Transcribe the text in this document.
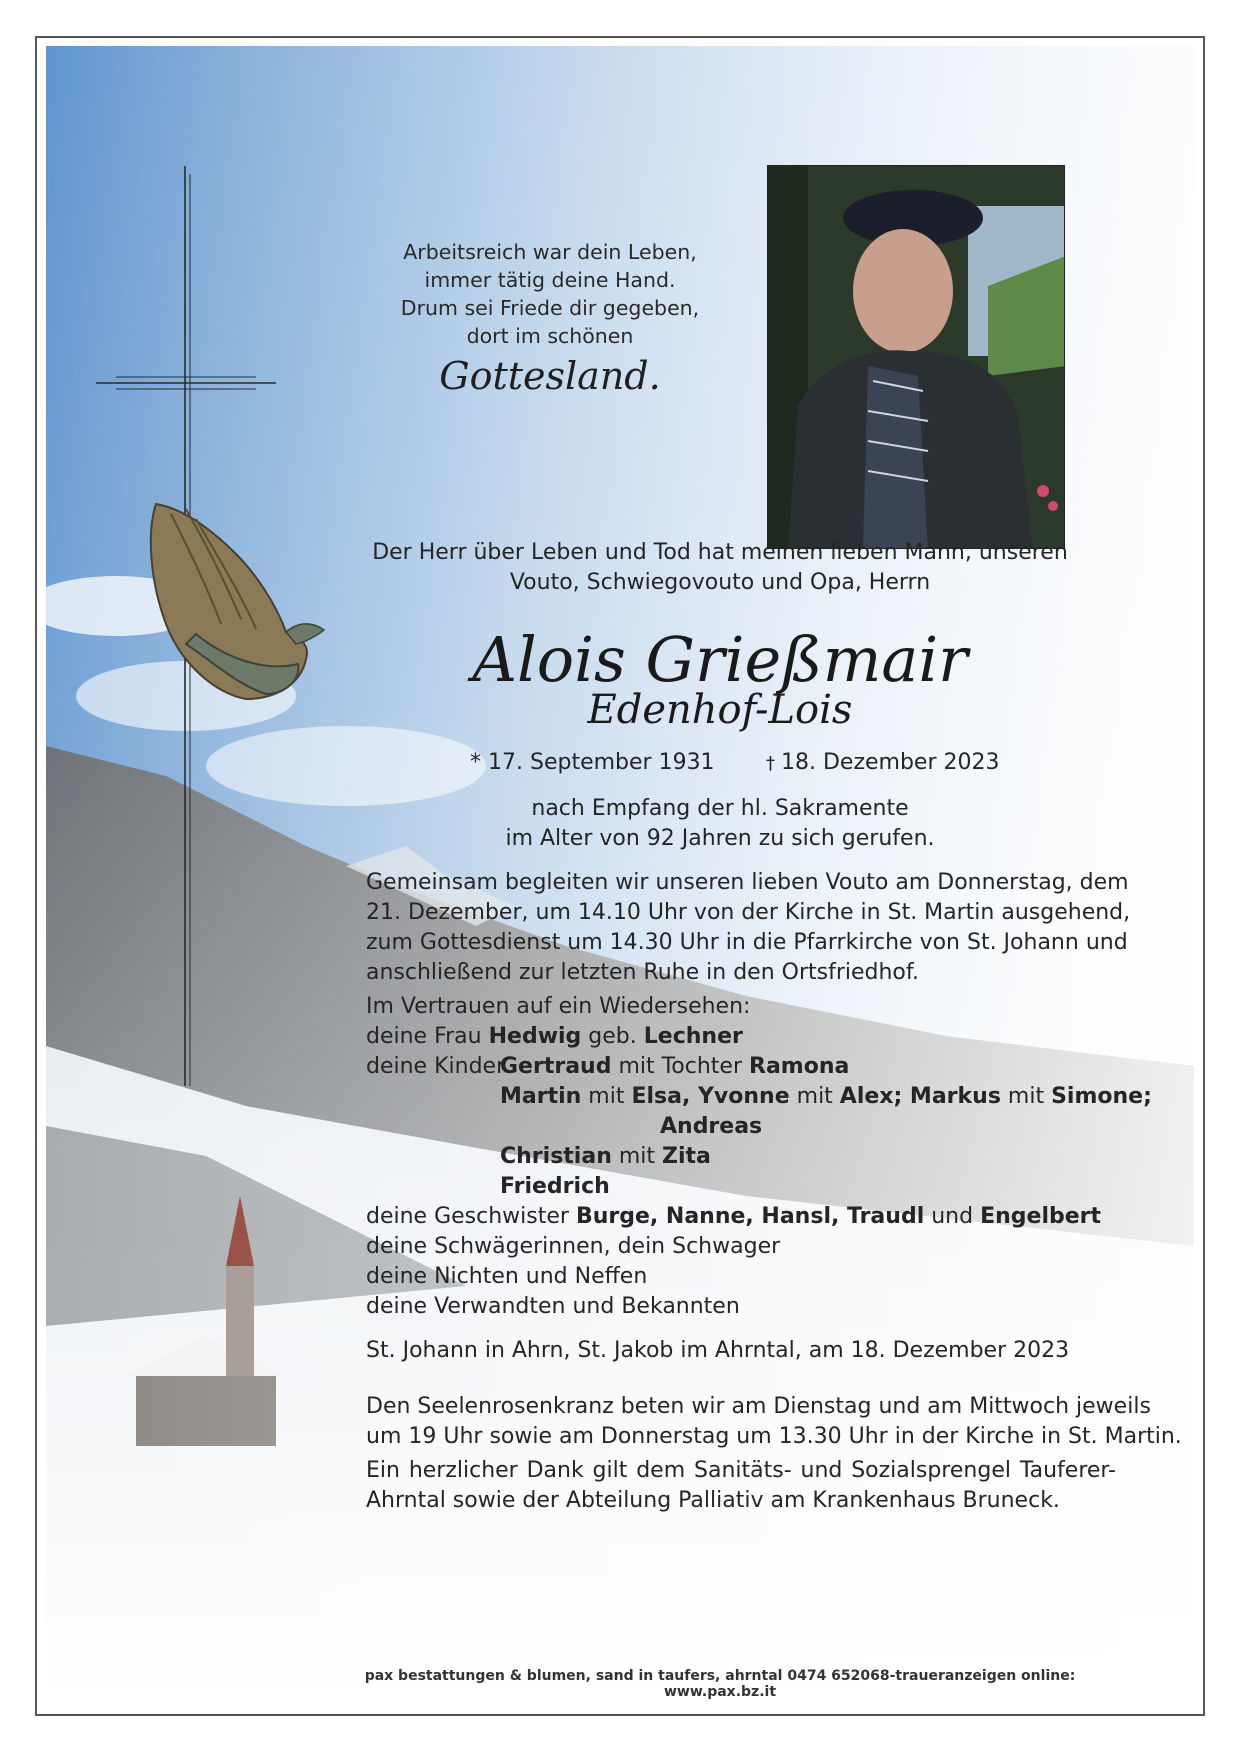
Arbeitsreich war dein Leben,
immer tätig deine Hand.
Drum sei Friede dir gegeben,
dort im schönen
Gottesland.
Der Herr über Leben und Tod hat meinen lieben Mann, unseren
Vouto, Schwiegovouto und Opa, Herrn
Alois Grießmair
Edenhof-Lois
* 17. September 1931	† 18. Dezember 2023
nach Empfang der hl. Sakramente
im Alter von 92 Jahren zu sich gerufen.
Gemeinsam begleiten wir unseren lieben Vouto am Donnerstag, dem
21. Dezember, um 14.10 Uhr von der Kirche in St. Martin ausgehend,
zum Gottesdienst um 14.30 Uhr in die Pfarrkirche von St. Johann und
anschließend zur letzten Ruhe in den Ortsfriedhof.
Im Vertrauen auf ein Wiedersehen:
deine Frau Hedwig geb. Lechner
deine KinderGertraud mit Tochter Ramona
Martin mit Elsa, Yvonne mit Alex; Markus mit Simone;
Andreas
Christian mit Zita
Friedrich
deine Geschwister Burge, Nanne, Hansl, Traudl und Engelbert
deine Schwägerinnen, dein Schwager
deine Nichten und Neffen
deine Verwandten und Bekannten
St. Johann in Ahrn, St. Jakob im Ahrntal, am 18. Dezember 2023
Den Seelenrosenkranz beten wir am Dienstag und am Mittwoch jeweils
um 19 Uhr sowie am Donnerstag um 13.30 Uhr in der Kirche in St. Martin.
Ein herzlicher Dank gilt dem Sanitäts- und Sozialsprengel Tauferer-Ahrntal sowie der Abteilung Palliativ am Krankenhaus Bruneck.
pax bestattungen & blumen, sand in taufers, ahrntal 0474 652068-traueranzeigen online: www.pax.bz.it
